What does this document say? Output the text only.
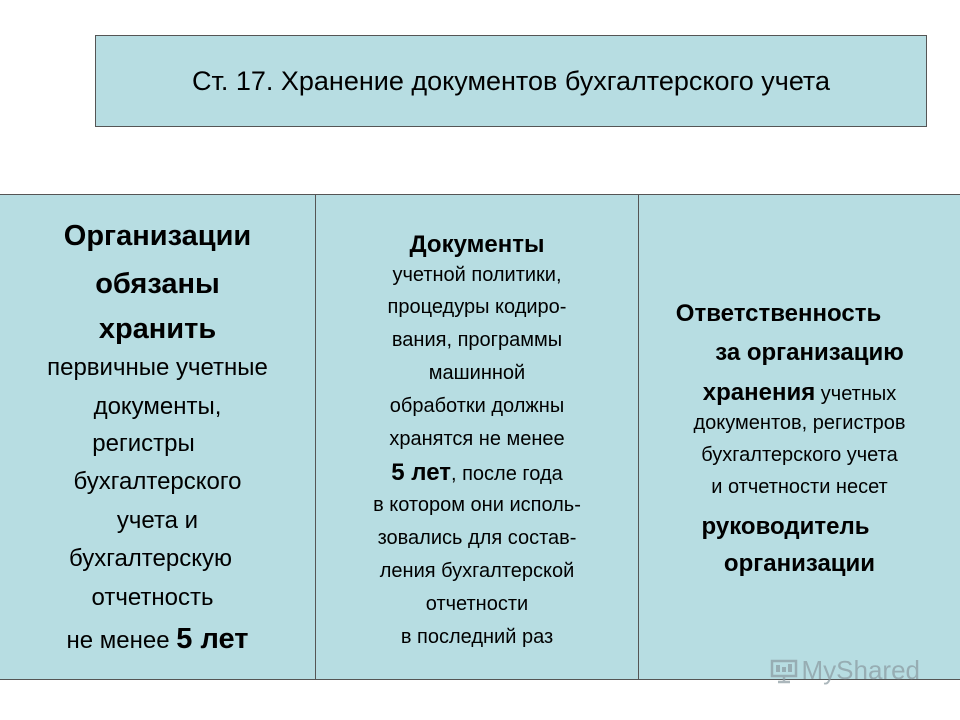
Ст. 17. Хранение документов бухгалтерского учета
Организации
обязаны
хранить
первичные учетные
документы,
регистры
бухгалтерского
учета и
бухгалтерскую
отчетность
не менее 5 лет
Документы
учетной политики,
процедуры кодиро-
вания, программы
машинной
обработки должны
хранятся не менее
5 лет, после года
в котором они исполь-
зовались для состав-
ления бухгалтерской
отчетности
в последний раз
Ответственность
за организацию
хранения учетных
документов, регистров
бухгалтерского учета
и отчетности несет
руководитель
организации
MyShared
